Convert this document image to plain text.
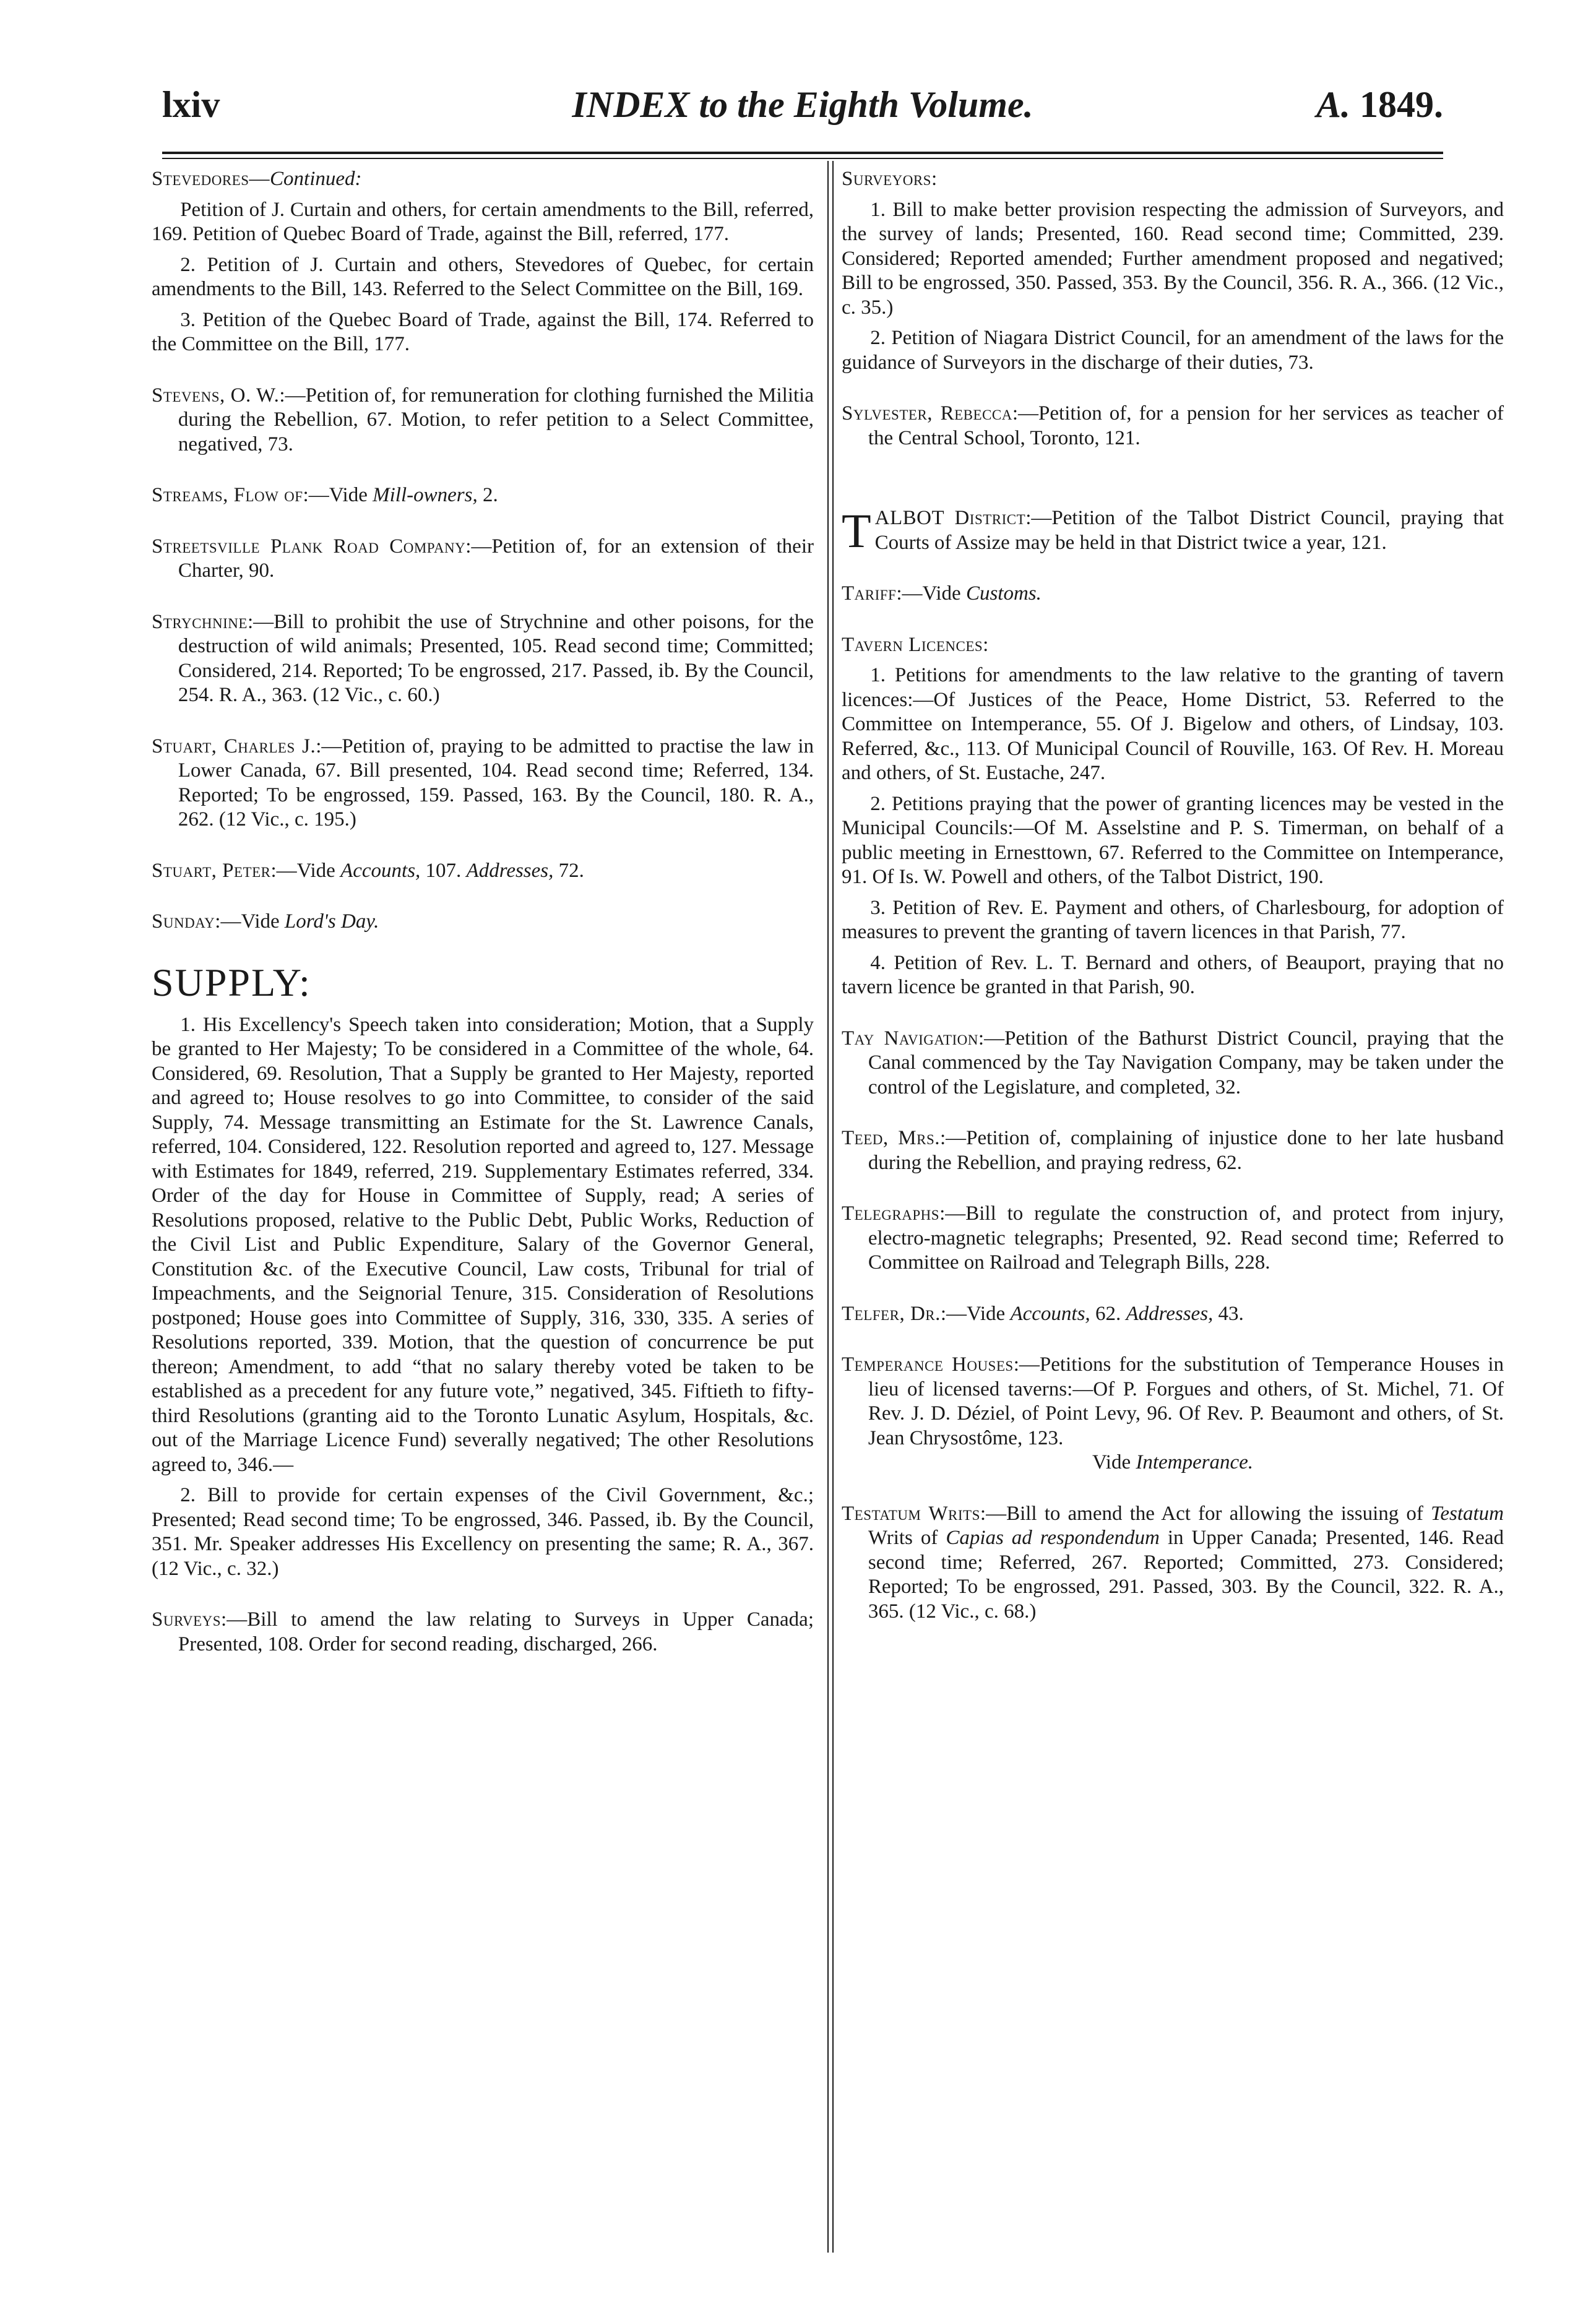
lxiv	INDEX to the Eighth Volume.	A. 1849.

Stevedores—Continued:

Petition of J. Curtain and others, for certain amendments to the Bill, referred, 169. Petition of Quebec Board of Trade, against the Bill, referred, 177.

2. Petition of J. Curtain and others, Stevedores of Quebec, for certain amendments to the Bill, 143. Referred to the Select Committee on the Bill, 169.

3. Petition of the Quebec Board of Trade, against the Bill, 174. Referred to the Committee on the Bill, 177.

Stevens, O. W.:—Petition of, for remuneration for clothing furnished the Militia during the Rebellion, 67. Motion, to refer petition to a Select Committee, negatived, 73.

Streams, Flow of:—Vide Mill-owners, 2.

Streetsville Plank Road Company:—Petition of, for an extension of their Charter, 90.

Strychnine:—Bill to prohibit the use of Strychnine and other poisons, for the destruction of wild animals; Presented, 105. Read second time; Committed; Considered, 214. Reported; To be engrossed, 217. Passed, ib. By the Council, 254. R. A., 363. (12 Vic., c. 60.)

Stuart, Charles J.:—Petition of, praying to be admitted to practise the law in Lower Canada, 67. Bill presented, 104. Read second time; Referred, 134. Reported; To be engrossed, 159. Passed, 163. By the Council, 180. R. A., 262. (12 Vic., c. 195.)

Stuart, Peter:—Vide Accounts, 107. Addresses, 72.

Sunday:—Vide Lord's Day.

SUPPLY:

1. His Excellency's Speech taken into consideration; Motion, that a Supply be granted to Her Majesty; To be considered in a Committee of the whole, 64. Considered, 69. Resolution, That a Supply be granted to Her Majesty, reported and agreed to; House resolves to go into Committee, to consider of the said Supply, 74. Message transmitting an Estimate for the St. Lawrence Canals, referred, 104. Considered, 122. Resolution reported and agreed to, 127. Message with Estimates for 1849, referred, 219. Supplementary Estimates referred, 334. Order of the day for House in Committee of Supply, read; A series of Resolutions proposed, relative to the Public Debt, Public Works, Reduction of the Civil List and Public Expenditure, Salary of the Governor General, Constitution &c. of the Executive Council, Law costs, Tribunal for trial of Impeachments, and the Seignorial Tenure, 315. Consideration of Resolutions postponed; House goes into Committee of Supply, 316, 330, 335. A series of Resolutions reported, 339. Motion, that the question of concurrence be put thereon; Amendment, to add “that no salary thereby voted be taken to be established as a precedent for any future vote,” negatived, 345. Fiftieth to fifty-third Resolutions (granting aid to the Toronto Lunatic Asylum, Hospitals, &c. out of the Marriage Licence Fund) severally negatived; The other Resolutions agreed to, 346.—

2. Bill to provide for certain expenses of the Civil Government, &c.; Presented; Read second time; To be engrossed, 346. Passed, ib. By the Council, 351. Mr. Speaker addresses His Excellency on presenting the same; R. A., 367. (12 Vic., c. 32.)

Surveys:—Bill to amend the law relating to Surveys in Upper Canada; Presented, 108. Order for second reading, discharged, 266.

Surveyors:

1. Bill to make better provision respecting the admission of Surveyors, and the survey of lands; Presented, 160. Read second time; Committed, 239. Considered; Reported amended; Further amendment proposed and negatived; Bill to be engrossed, 350. Passed, 353. By the Council, 356. R. A., 366. (12 Vic., c. 35.)

2. Petition of Niagara District Council, for an amendment of the laws for the guidance of Surveyors in the discharge of their duties, 73.

Sylvester, Rebecca:—Petition of, for a pension for her services as teacher of the Central School, Toronto, 121.

TALBOT District:—Petition of the Talbot District Council, praying that Courts of Assize may be held in that District twice a year, 121.

Tariff:—Vide Customs.

Tavern Licences:

1. Petitions for amendments to the law relative to the granting of tavern licences:—Of Justices of the Peace, Home District, 53. Referred to the Committee on Intemperance, 55. Of J. Bigelow and others, of Lindsay, 103. Referred, &c., 113. Of Municipal Council of Rouville, 163. Of Rev. H. Moreau and others, of St. Eustache, 247.

2. Petitions praying that the power of granting licences may be vested in the Municipal Councils:—Of M. Asselstine and P. S. Timerman, on behalf of a public meeting in Ernesttown, 67. Referred to the Committee on Intemperance, 91. Of Is. W. Powell and others, of the Talbot District, 190.

3. Petition of Rev. E. Payment and others, of Charlesbourg, for adoption of measures to prevent the granting of tavern licences in that Parish, 77.

4. Petition of Rev. L. T. Bernard and others, of Beauport, praying that no tavern licence be granted in that Parish, 90.

Tay Navigation:—Petition of the Bathurst District Council, praying that the Canal commenced by the Tay Navigation Company, may be taken under the control of the Legislature, and completed, 32.

Teed, Mrs.:—Petition of, complaining of injustice done to her late husband during the Rebellion, and praying redress, 62.

Telegraphs:—Bill to regulate the construction of, and protect from injury, electro-magnetic telegraphs; Presented, 92. Read second time; Referred to Committee on Railroad and Telegraph Bills, 228.

Telfer, Dr.:—Vide Accounts, 62. Addresses, 43.

Temperance Houses:—Petitions for the substitution of Temperance Houses in lieu of licensed taverns:—Of P. Forgues and others, of St. Michel, 71. Of Rev. J. D. Déziel, of Point Levy, 96. Of Rev. P. Beaumont and others, of St. Jean Chrysostôme, 123.

Vide Intemperance.

Testatum Writs:—Bill to amend the Act for allowing the issuing of Testatum Writs of Capias ad respondendum in Upper Canada; Presented, 146. Read second time; Referred, 267. Reported; Committed, 273. Considered; Reported; To be engrossed, 291. Passed, 303. By the Council, 322. R. A., 365. (12 Vic., c. 68.)
